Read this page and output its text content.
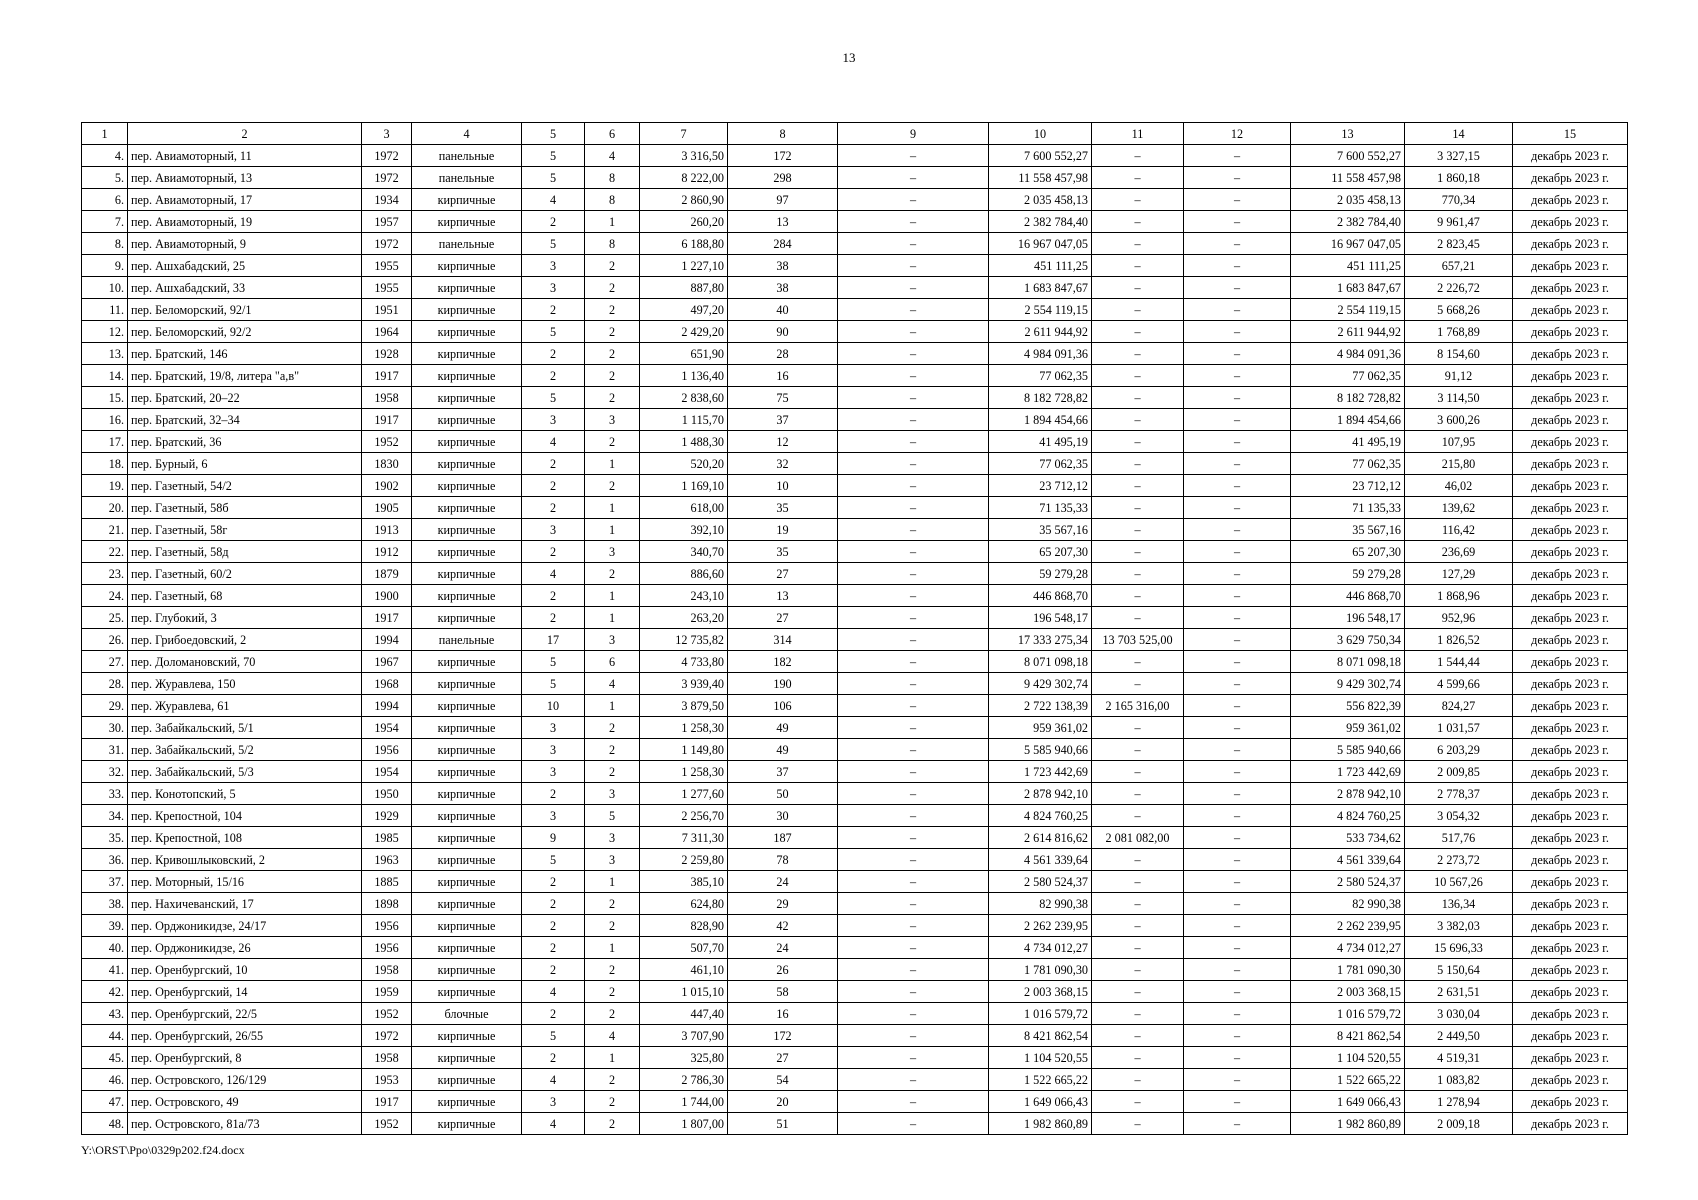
13
1	2	3	4	5	6	7	8	9	10	11	12	13	14	15
4.	пер. Авиамоторный, 11	1972	панельные	5	4	3 316,50	172	–	7 600 552,27	–	–	7 600 552,27	3 327,15	декабрь 2023 г.
5.	пер. Авиамоторный, 13	1972	панельные	5	8	8 222,00	298	–	11 558 457,98	–	–	11 558 457,98	1 860,18	декабрь 2023 г.
6.	пер. Авиамоторный, 17	1934	кирпичные	4	8	2 860,90	97	–	2 035 458,13	–	–	2 035 458,13	770,34	декабрь 2023 г.
7.	пер. Авиамоторный, 19	1957	кирпичные	2	1	260,20	13	–	2 382 784,40	–	–	2 382 784,40	9 961,47	декабрь 2023 г.
8.	пер. Авиамоторный, 9	1972	панельные	5	8	6 188,80	284	–	16 967 047,05	–	–	16 967 047,05	2 823,45	декабрь 2023 г.
9.	пер. Ашхабадский, 25	1955	кирпичные	3	2	1 227,10	38	–	451 111,25	–	–	451 111,25	657,21	декабрь 2023 г.
10.	пер. Ашхабадский, 33	1955	кирпичные	3	2	887,80	38	–	1 683 847,67	–	–	1 683 847,67	2 226,72	декабрь 2023 г.
11.	пер. Беломорский, 92/1	1951	кирпичные	2	2	497,20	40	–	2 554 119,15	–	–	2 554 119,15	5 668,26	декабрь 2023 г.
12.	пер. Беломорский, 92/2	1964	кирпичные	5	2	2 429,20	90	–	2 611 944,92	–	–	2 611 944,92	1 768,89	декабрь 2023 г.
13.	пер. Братский, 146	1928	кирпичные	2	2	651,90	28	–	4 984 091,36	–	–	4 984 091,36	8 154,60	декабрь 2023 г.
14.	пер. Братский, 19/8, литера "а,в"	1917	кирпичные	2	2	1 136,40	16	–	77 062,35	–	–	77 062,35	91,12	декабрь 2023 г.
15.	пер. Братский, 20–22	1958	кирпичные	5	2	2 838,60	75	–	8 182 728,82	–	–	8 182 728,82	3 114,50	декабрь 2023 г.
16.	пер. Братский, 32–34	1917	кирпичные	3	3	1 115,70	37	–	1 894 454,66	–	–	1 894 454,66	3 600,26	декабрь 2023 г.
17.	пер. Братский, 36	1952	кирпичные	4	2	1 488,30	12	–	41 495,19	–	–	41 495,19	107,95	декабрь 2023 г.
18.	пер. Бурный, 6	1830	кирпичные	2	1	520,20	32	–	77 062,35	–	–	77 062,35	215,80	декабрь 2023 г.
19.	пер. Газетный, 54/2	1902	кирпичные	2	2	1 169,10	10	–	23 712,12	–	–	23 712,12	46,02	декабрь 2023 г.
20.	пер. Газетный, 58б	1905	кирпичные	2	1	618,00	35	–	71 135,33	–	–	71 135,33	139,62	декабрь 2023 г.
21.	пер. Газетный, 58г	1913	кирпичные	3	1	392,10	19	–	35 567,16	–	–	35 567,16	116,42	декабрь 2023 г.
22.	пер. Газетный, 58д	1912	кирпичные	2	3	340,70	35	–	65 207,30	–	–	65 207,30	236,69	декабрь 2023 г.
23.	пер. Газетный, 60/2	1879	кирпичные	4	2	886,60	27	–	59 279,28	–	–	59 279,28	127,29	декабрь 2023 г.
24.	пер. Газетный, 68	1900	кирпичные	2	1	243,10	13	–	446 868,70	–	–	446 868,70	1 868,96	декабрь 2023 г.
25.	пер. Глубокий, 3	1917	кирпичные	2	1	263,20	27	–	196 548,17	–	–	196 548,17	952,96	декабрь 2023 г.
26.	пер. Грибоедовский, 2	1994	панельные	17	3	12 735,82	314	–	17 333 275,34	13 703 525,00	–	3 629 750,34	1 826,52	декабрь 2023 г.
27.	пер. Доломановский, 70	1967	кирпичные	5	6	4 733,80	182	–	8 071 098,18	–	–	8 071 098,18	1 544,44	декабрь 2023 г.
28.	пер. Журавлева, 150	1968	кирпичные	5	4	3 939,40	190	–	9 429 302,74	–	–	9 429 302,74	4 599,66	декабрь 2023 г.
29.	пер. Журавлева, 61	1994	кирпичные	10	1	3 879,50	106	–	2 722 138,39	2 165 316,00	–	556 822,39	824,27	декабрь 2023 г.
30.	пер. Забайкальский, 5/1	1954	кирпичные	3	2	1 258,30	49	–	959 361,02	–	–	959 361,02	1 031,57	декабрь 2023 г.
31.	пер. Забайкальский, 5/2	1956	кирпичные	3	2	1 149,80	49	–	5 585 940,66	–	–	5 585 940,66	6 203,29	декабрь 2023 г.
32.	пер. Забайкальский, 5/3	1954	кирпичные	3	2	1 258,30	37	–	1 723 442,69	–	–	1 723 442,69	2 009,85	декабрь 2023 г.
33.	пер. Конотопский, 5	1950	кирпичные	2	3	1 277,60	50	–	2 878 942,10	–	–	2 878 942,10	2 778,37	декабрь 2023 г.
34.	пер. Крепостной, 104	1929	кирпичные	3	5	2 256,70	30	–	4 824 760,25	–	–	4 824 760,25	3 054,32	декабрь 2023 г.
35.	пер. Крепостной, 108	1985	кирпичные	9	3	7 311,30	187	–	2 614 816,62	2 081 082,00	–	533 734,62	517,76	декабрь 2023 г.
36.	пер. Кривошлыковский, 2	1963	кирпичные	5	3	2 259,80	78	–	4 561 339,64	–	–	4 561 339,64	2 273,72	декабрь 2023 г.
37.	пер. Моторный, 15/16	1885	кирпичные	2	1	385,10	24	–	2 580 524,37	–	–	2 580 524,37	10 567,26	декабрь 2023 г.
38.	пер. Нахичеванский, 17	1898	кирпичные	2	2	624,80	29	–	82 990,38	–	–	82 990,38	136,34	декабрь 2023 г.
39.	пер. Орджоникидзе, 24/17	1956	кирпичные	2	2	828,90	42	–	2 262 239,95	–	–	2 262 239,95	3 382,03	декабрь 2023 г.
40.	пер. Орджоникидзе, 26	1956	кирпичные	2	1	507,70	24	–	4 734 012,27	–	–	4 734 012,27	15 696,33	декабрь 2023 г.
41.	пер. Оренбургский, 10	1958	кирпичные	2	2	461,10	26	–	1 781 090,30	–	–	1 781 090,30	5 150,64	декабрь 2023 г.
42.	пер. Оренбургский, 14	1959	кирпичные	4	2	1 015,10	58	–	2 003 368,15	–	–	2 003 368,15	2 631,51	декабрь 2023 г.
43.	пер. Оренбургский, 22/5	1952	блочные	2	2	447,40	16	–	1 016 579,72	–	–	1 016 579,72	3 030,04	декабрь 2023 г.
44.	пер. Оренбургский, 26/55	1972	кирпичные	5	4	3 707,90	172	–	8 421 862,54	–	–	8 421 862,54	2 449,50	декабрь 2023 г.
45.	пер. Оренбургский, 8	1958	кирпичные	2	1	325,80	27	–	1 104 520,55	–	–	1 104 520,55	4 519,31	декабрь 2023 г.
46.	пер. Островского, 126/129	1953	кирпичные	4	2	2 786,30	54	–	1 522 665,22	–	–	1 522 665,22	1 083,82	декабрь 2023 г.
47.	пер. Островского, 49	1917	кирпичные	3	2	1 744,00	20	–	1 649 066,43	–	–	1 649 066,43	1 278,94	декабрь 2023 г.
48.	пер. Островского, 81а/73	1952	кирпичные	4	2	1 807,00	51	–	1 982 860,89	–	–	1 982 860,89	2 009,18	декабрь 2023 г.
Y:\ORST\Ppo\0329p202.f24.docx
